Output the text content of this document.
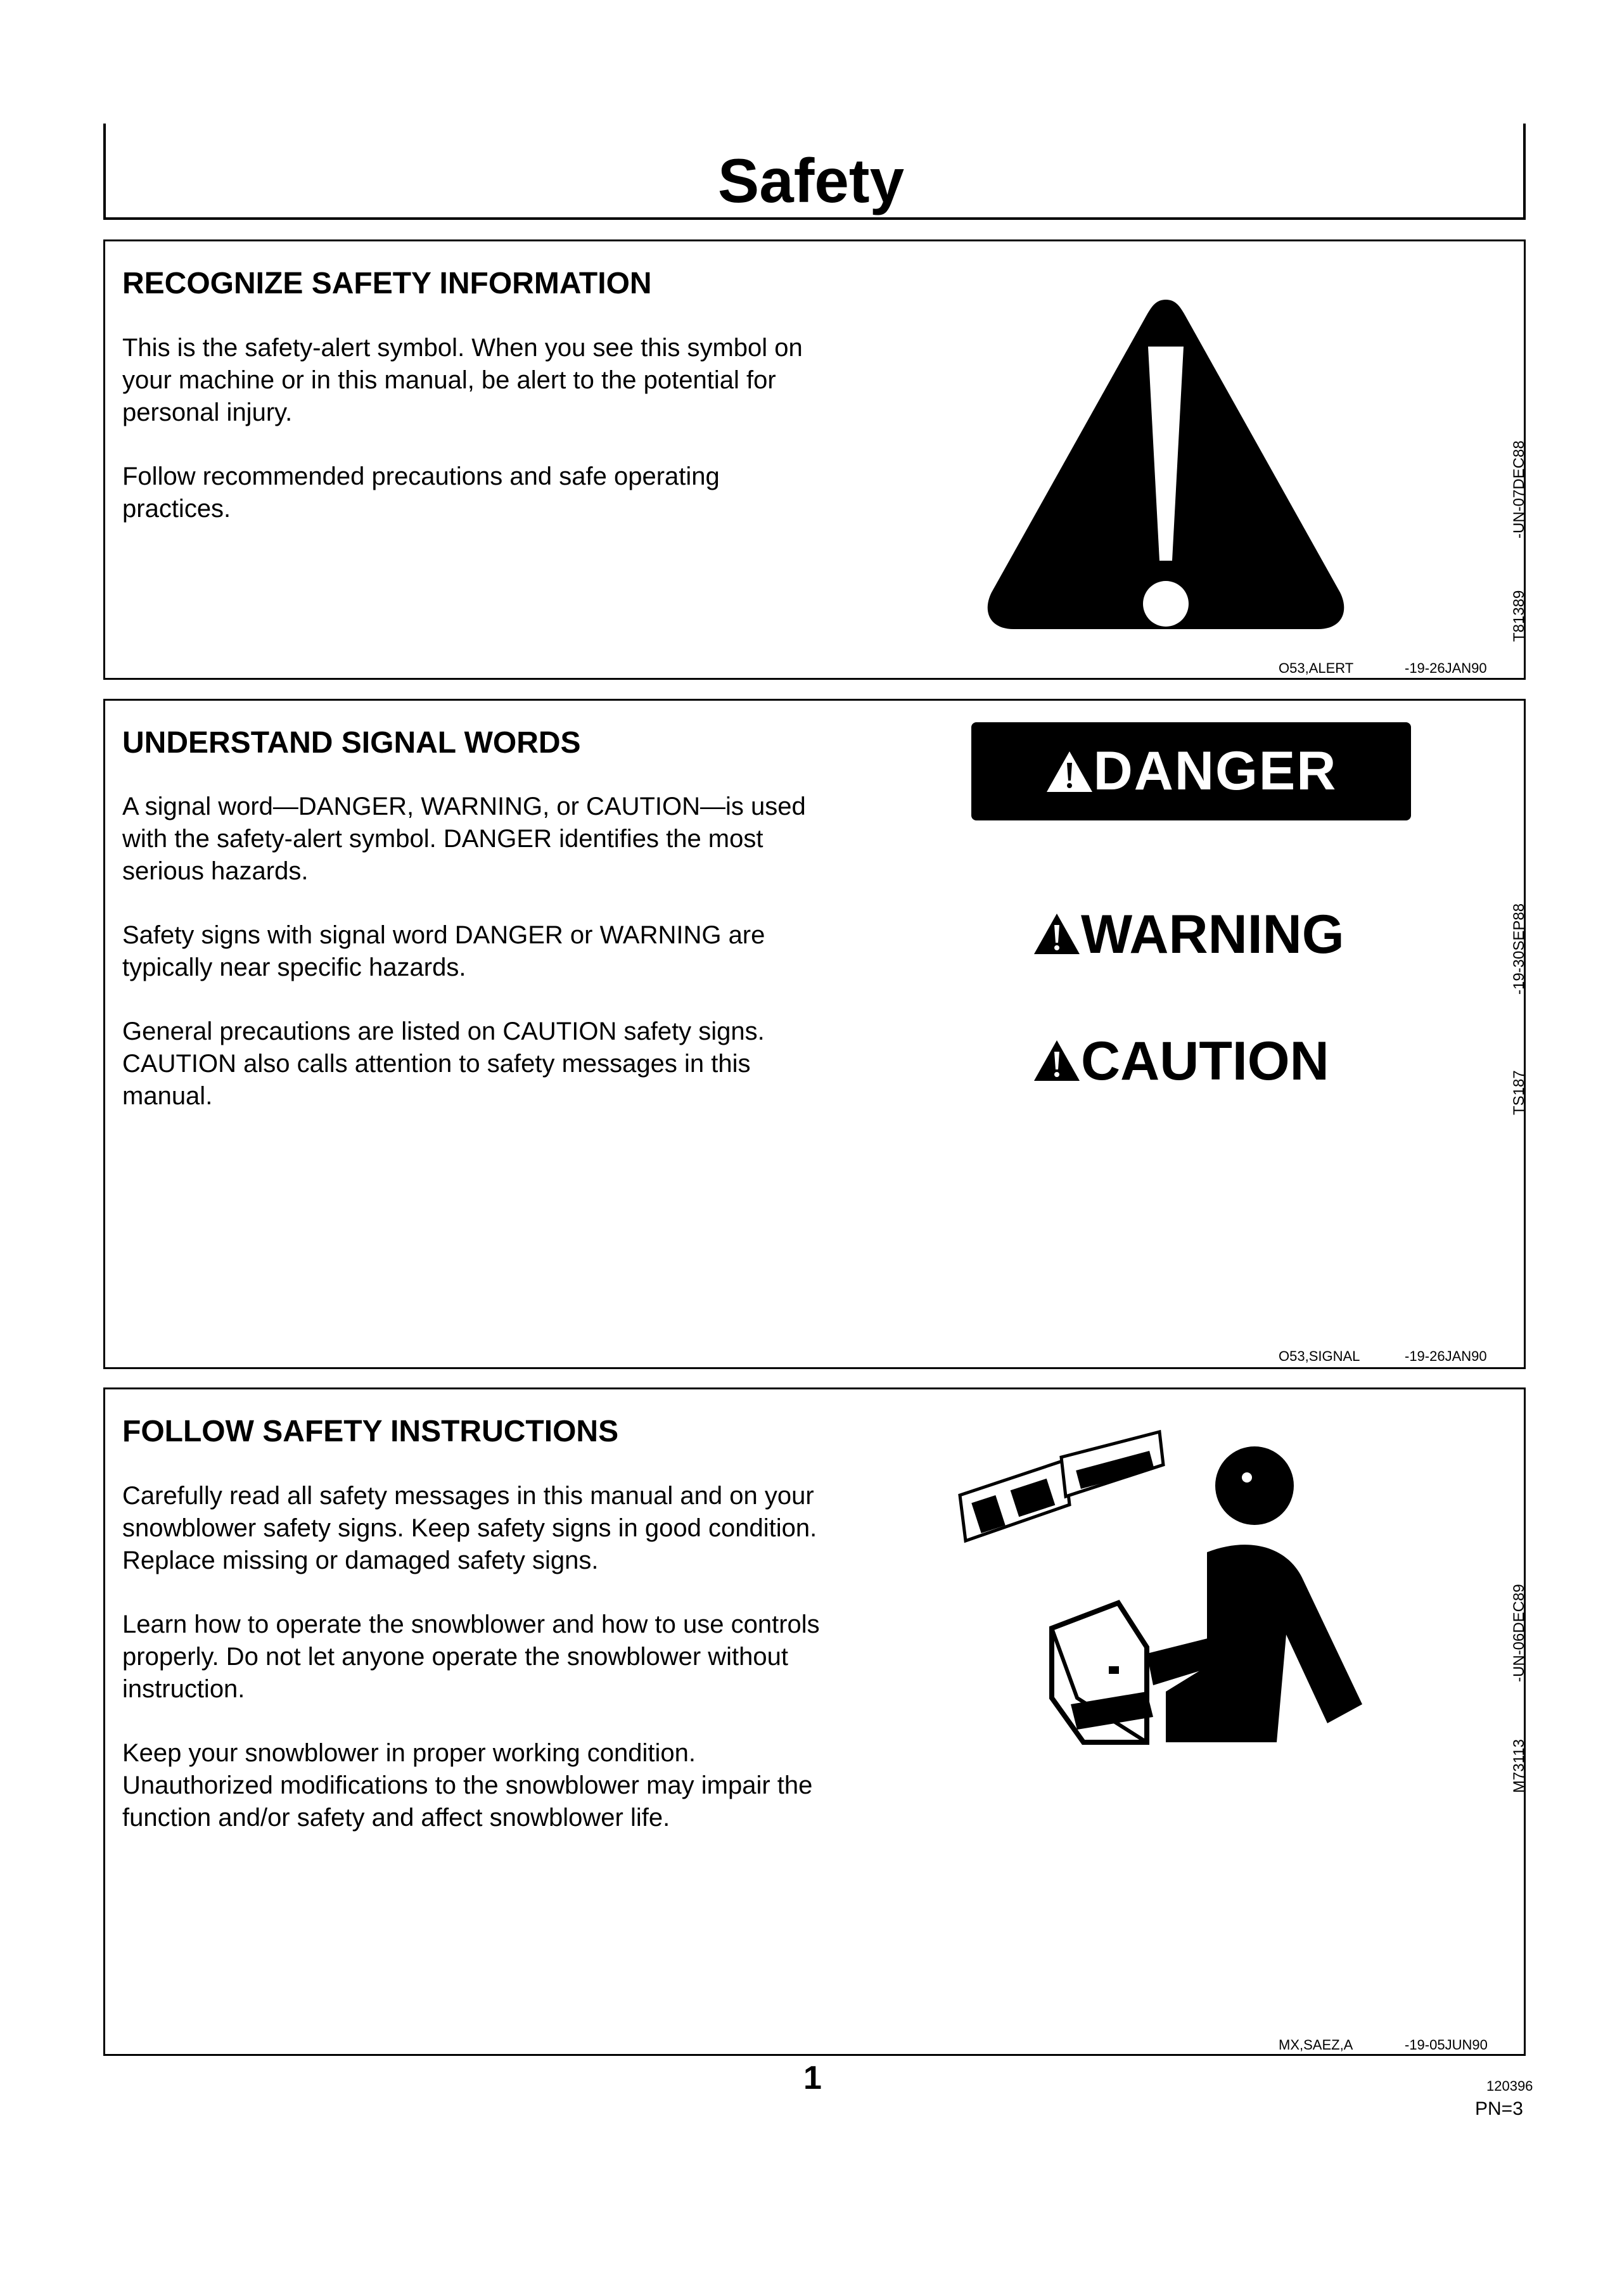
Safety
RECOGNIZE SAFETY INFORMATION

This is the safety-alert symbol. When you see this symbol on your machine or in this manual, be alert to the potential for personal injury.

Follow recommended precautions and safe operating practices.

T81389
-UN-07DEC88
O53,ALERT	-19-26JAN90
UNDERSTAND SIGNAL WORDS

A signal word—DANGER, WARNING, or CAUTION—is used with the safety-alert symbol. DANGER identifies the most serious hazards.

Safety signs with signal word DANGER or WARNING are typically near specific hazards.

General precautions are listed on CAUTION safety signs. CAUTION also calls attention to safety messages in this manual.

DANGER
WARNING
CAUTION
TS187
-19-30SEP88
O53,SIGNAL	-19-26JAN90
FOLLOW SAFETY INSTRUCTIONS

Carefully read all safety messages in this manual and on your snowblower safety signs. Keep safety signs in good condition. Replace missing or damaged safety signs.

Learn how to operate the snowblower and how to use controls properly. Do not let anyone operate the snowblower without instruction.

Keep your snowblower in proper working condition. Unauthorized modifications to the snowblower may impair the function and/or safety and affect snowblower life.

M73113
-UN-06DEC89
MX,SAEZ,A	-19-05JUN90
1	120396
PN=3
